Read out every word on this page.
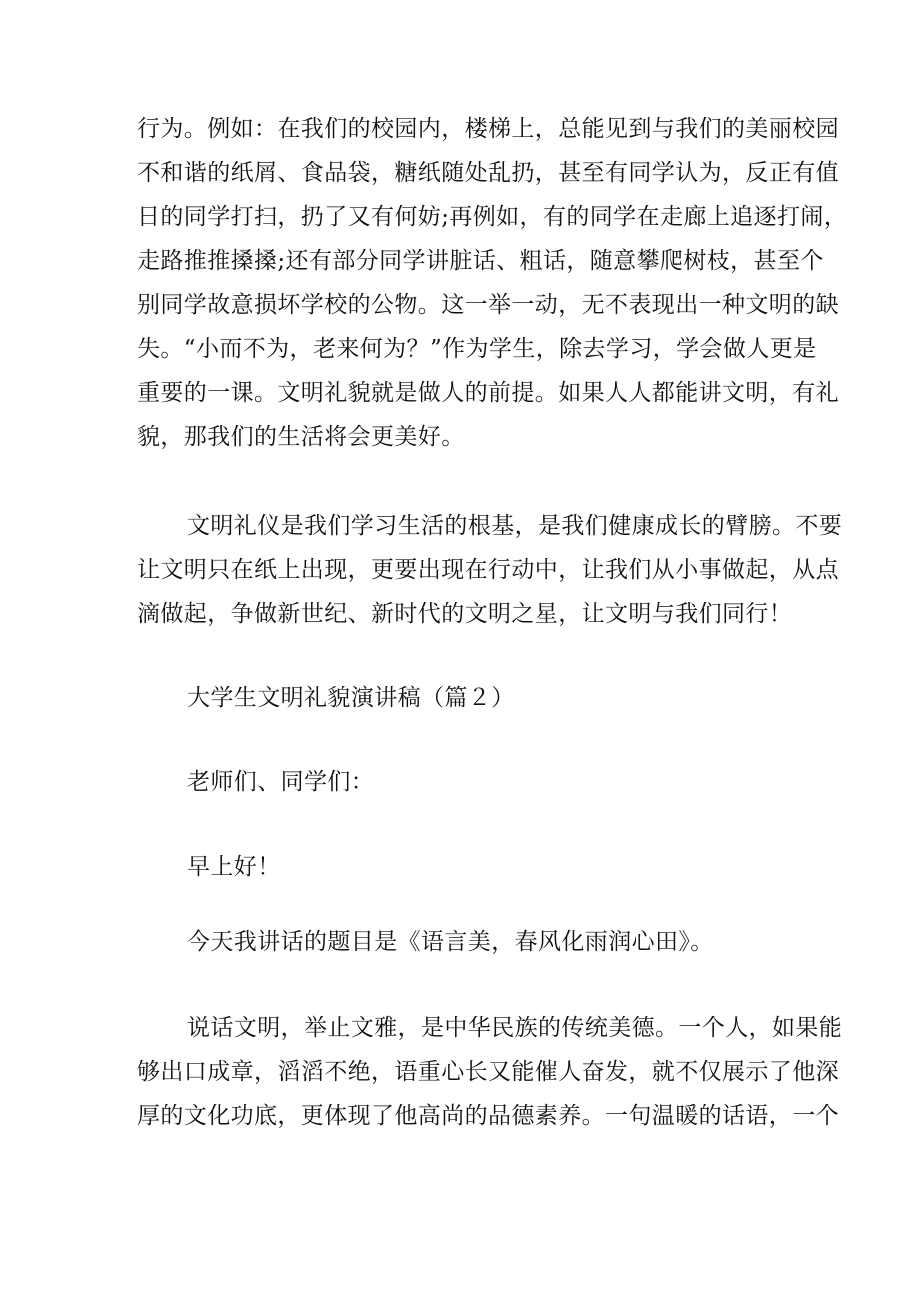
行为。例如：在我们的校园内，楼梯上，总能见到与我们的美丽校园
不和谐的纸屑、食品袋，糖纸随处乱扔，甚至有同学认为，反正有值
日的同学打扫，扔了又有何妨;再例如，有的同学在走廊上追逐打闹，
走路推推搡搡;还有部分同学讲脏话、粗话，随意攀爬树枝，甚至个
别同学故意损坏学校的公物。这一举一动，无不表现出一种文明的缺
失。“小而不为，老来何为？”作为学生，除去学习，学会做人更是
重要的一课。文明礼貌就是做人的前提。如果人人都能讲文明，有礼
貌，那我们的生活将会更美好。
文明礼仪是我们学习生活的根基，是我们健康成长的臂膀。不要
让文明只在纸上出现，更要出现在行动中，让我们从小事做起，从点
滴做起，争做新世纪、新时代的文明之星，让文明与我们同行！
大学生文明礼貌演讲稿（篇２）
老师们、同学们：
早上好！
今天我讲话的题目是《语言美，春风化雨润心田》。
说话文明，举止文雅，是中华民族的传统美德。一个人，如果能
够出口成章，滔滔不绝，语重心长又能催人奋发，就不仅展示了他深
厚的文化功底，更体现了他高尚的品德素养。一句温暖的话语，一个
